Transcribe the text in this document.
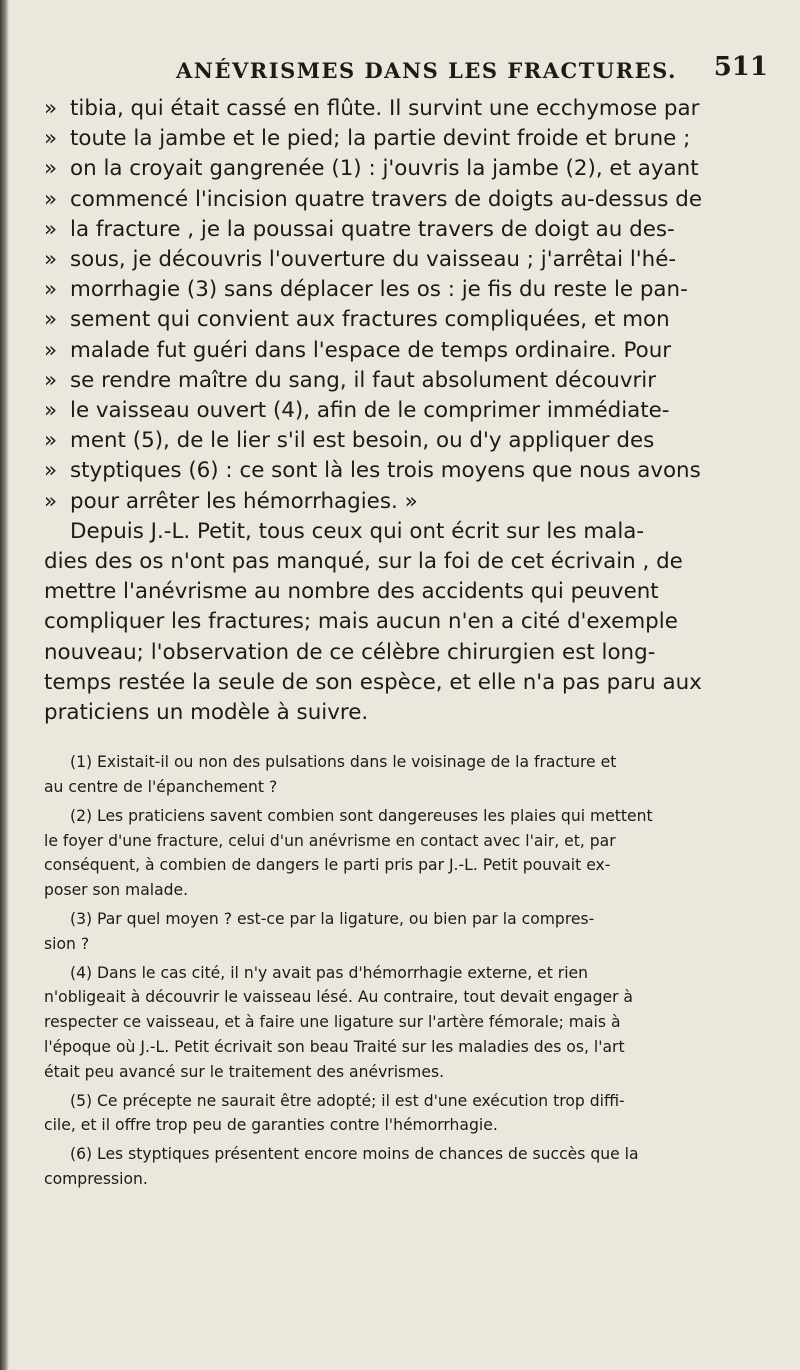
ANÉVRISMES DANS LES FRACTURES. 511
» tibia, qui était cassé en flûte. Il survint une ecchymose par
» toute la jambe et le pied; la partie devint froide et brune ;
» on la croyait gangrenée (1) : j'ouvris la jambe (2), et ayant
» commencé l'incision quatre travers de doigts au-dessus de
» la fracture , je la poussai quatre travers de doigt au des-
» sous, je découvris l'ouverture du vaisseau ; j'arrêtai l'hé-
» morrhagie (3) sans déplacer les os : je fis du reste le pan-
» sement qui convient aux fractures compliquées, et mon
» malade fut guéri dans l'espace de temps ordinaire. Pour
» se rendre maître du sang, il faut absolument découvrir
» le vaisseau ouvert (4), afin de le comprimer immédiate-
» ment (5), de le lier s'il est besoin, ou d'y appliquer des
» styptiques (6) : ce sont là les trois moyens que nous avons
» pour arrêter les hémorrhagies. »
Depuis J.-L. Petit, tous ceux qui ont écrit sur les mala-
dies des os n'ont pas manqué, sur la foi de cet écrivain , de
mettre l'anévrisme au nombre des accidents qui peuvent
compliquer les fractures; mais aucun n'en a cité d'exemple
nouveau; l'observation de ce célèbre chirurgien est long-
temps restée la seule de son espèce, et elle n'a pas paru aux
praticiens un modèle à suivre.
(1) Existait-il ou non des pulsations dans le voisinage de la fracture et
au centre de l'épanchement ?
(2) Les praticiens savent combien sont dangereuses les plaies qui mettent
le foyer d'une fracture, celui d'un anévrisme en contact avec l'air, et, par
conséquent, à combien de dangers le parti pris par J.-L. Petit pouvait ex-
poser son malade.
(3) Par quel moyen ? est-ce par la ligature, ou bien par la compres-
sion ?
(4) Dans le cas cité, il n'y avait pas d'hémorrhagie externe, et rien
n'obligeait à découvrir le vaisseau lésé. Au contraire, tout devait engager à
respecter ce vaisseau, et à faire une ligature sur l'artère fémorale; mais à
l'époque où J.-L. Petit écrivait son beau Traité sur les maladies des os, l'art
était peu avancé sur le traitement des anévrismes.
(5) Ce précepte ne saurait être adopté; il est d'une exécution trop diffi-
cile, et il offre trop peu de garanties contre l'hémorrhagie.
(6) Les styptiques présentent encore moins de chances de succès que la
compression.
